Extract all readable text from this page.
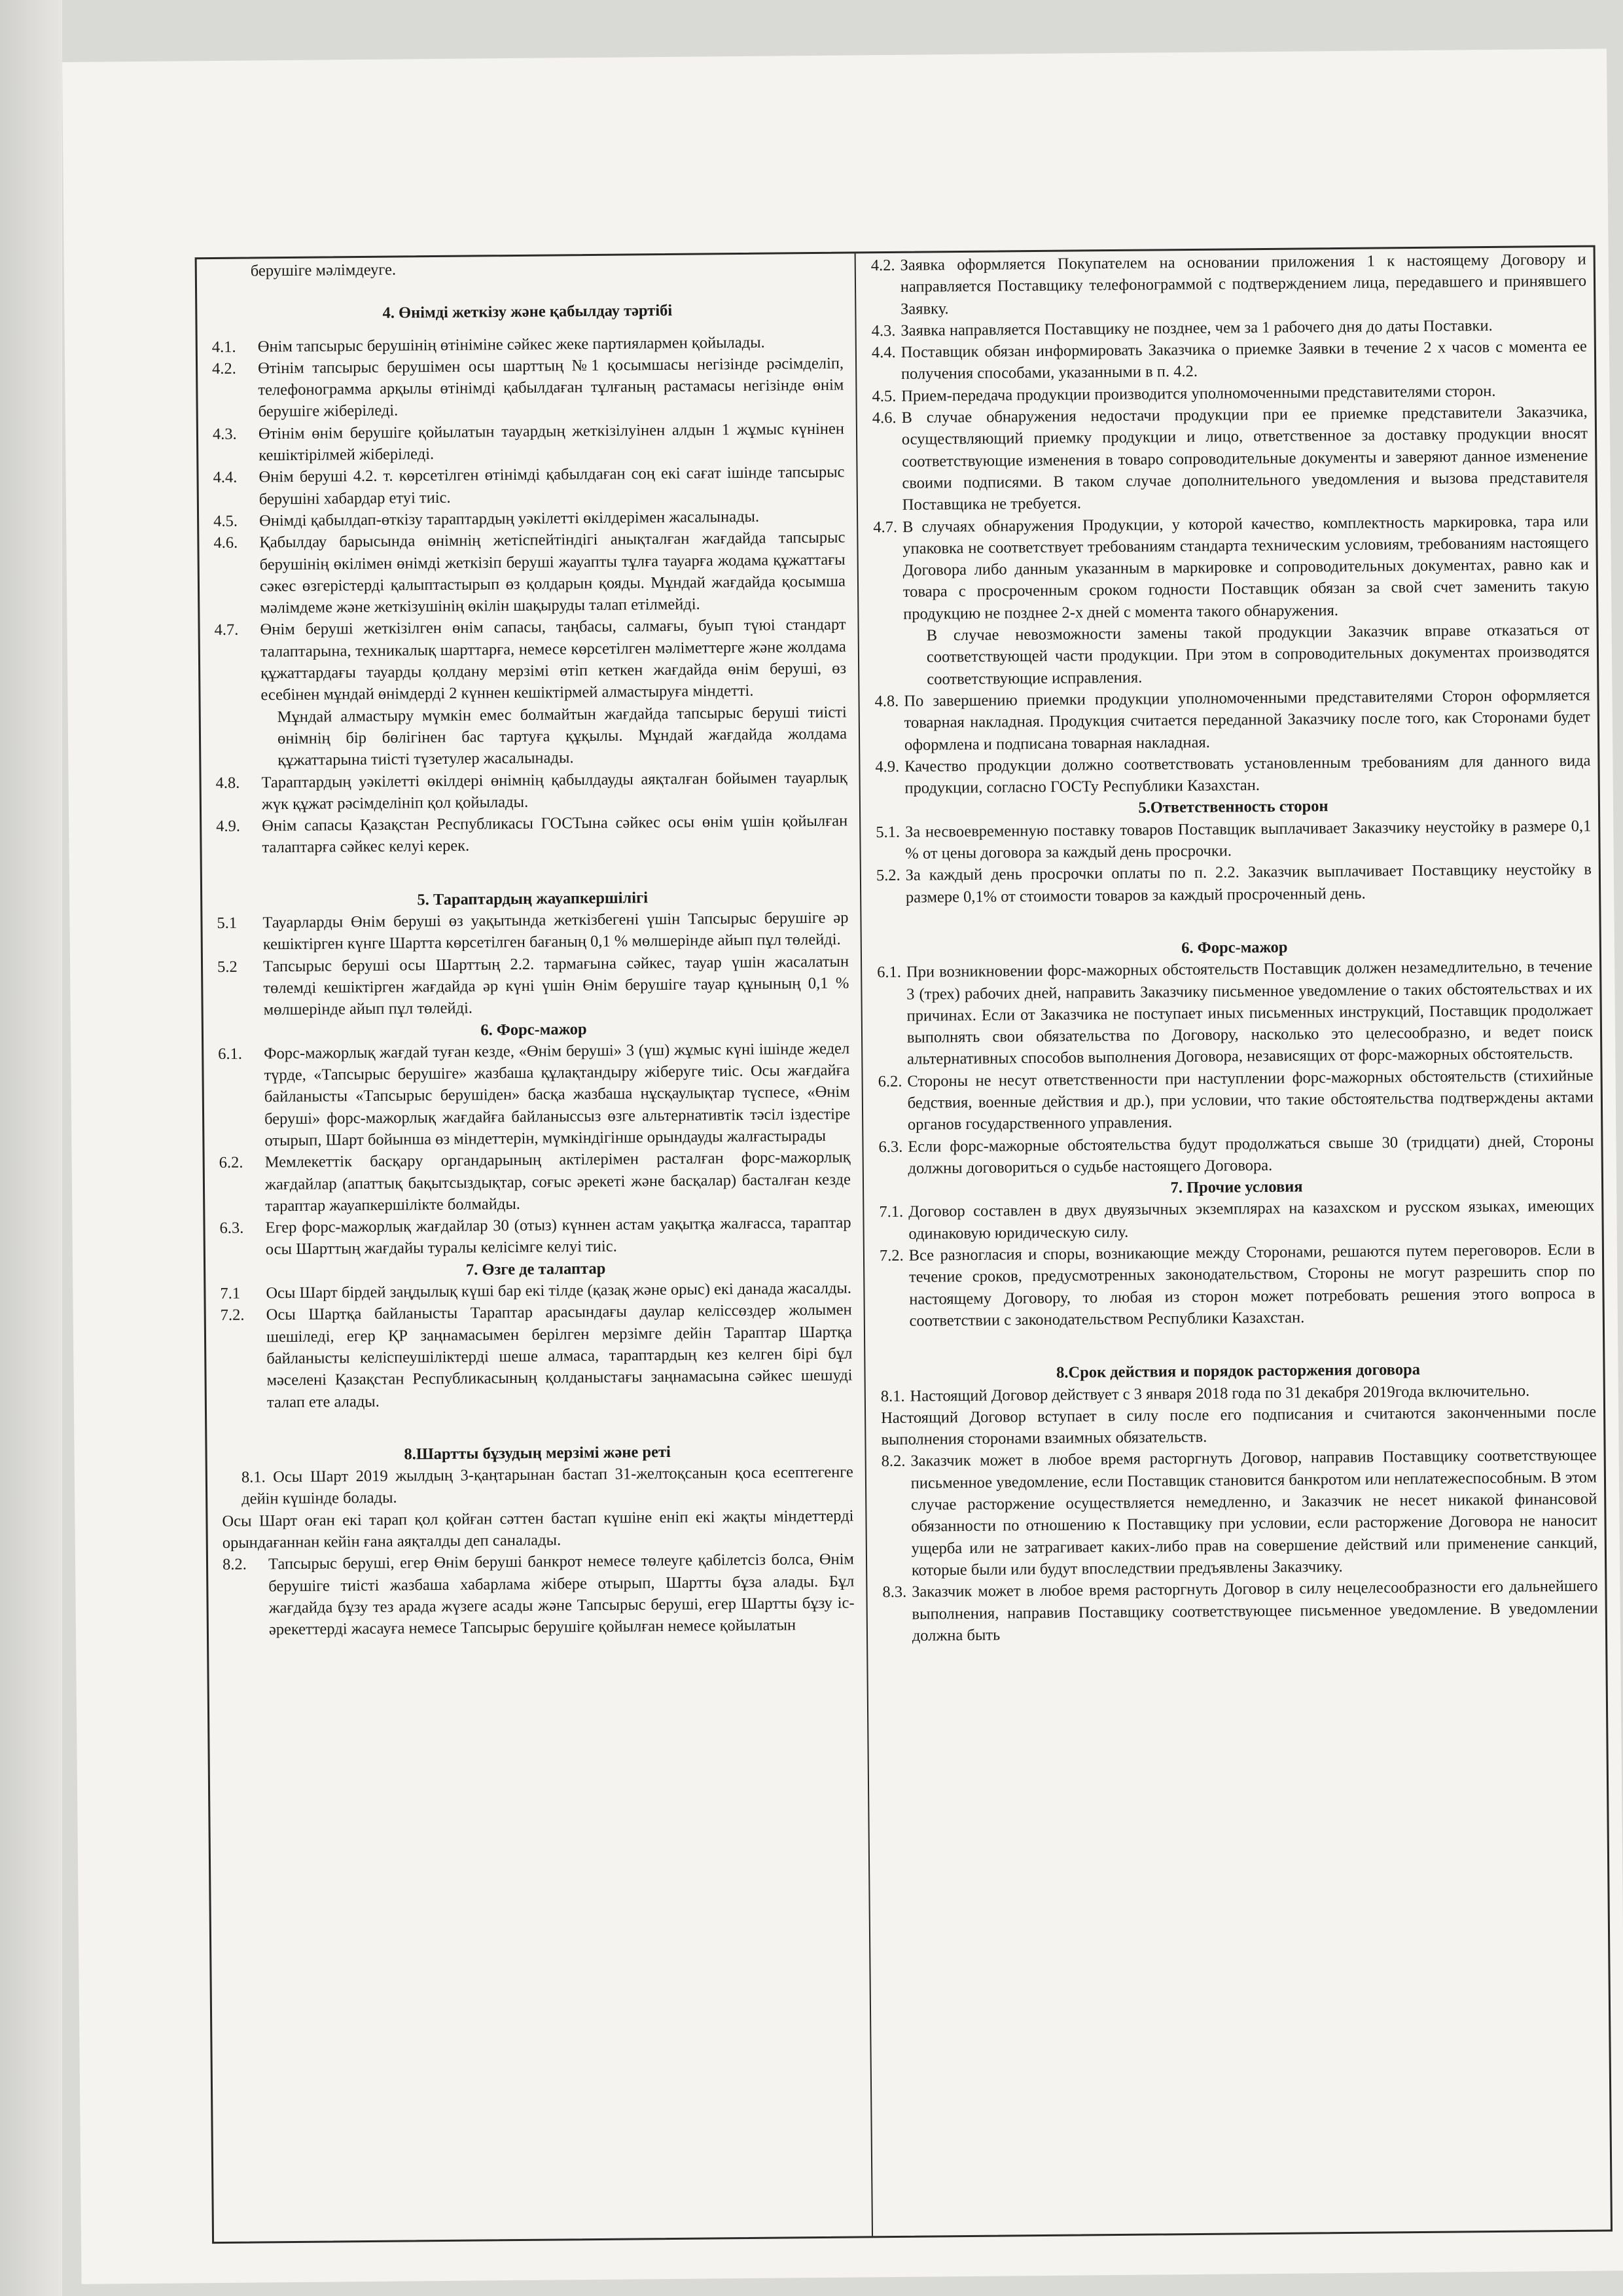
берушіге мәлімдеуге.

4. Өнімді жеткізу және қабылдау тәртібі

4.1.	Өнім тапсырыс берушінің өтініміне сәйкес жеке партиялармен қойылады.
4.2.	Өтінім тапсырыс берушімен осы шарттың №1 қосымшасы негізінде рәсімделіп, телефонограмма арқылы өтінімді қабылдаған тұлғаның растамасы негізінде өнім берушіге жіберіледі.
4.3.	Өтінім өнім берушіге қойылатын тауардың жеткізілуінен алдын 1 жұмыс күнінен кешіктірілмей жіберіледі.
4.4.	Өнім беруші 4.2. т. көрсетілген өтінімді қабылдаған соң екі сағат ішінде тапсырыс берушіні хабардар етуі тиіс.
4.5.	Өнімді қабылдап-өткізу тараптардың уәкілетті өкілдерімен жасалынады.
4.6.	Қабылдау барысында өнімнің жетіспейтіндігі анықталған жағдайда тапсырыс берушінің өкілімен өнімді жеткізіп беруші жауапты тұлға тауарға жодама құжаттағы сәкес өзгерістерді қалыптастырып өз қолдарын қояды. Мұндай жағдайда қосымша мәлімдеме және жеткізушінің өкілін шақыруды талап етілмейді.
4.7.	Өнім беруші жеткізілген өнім сапасы, таңбасы, салмағы, буып түюі стандарт талаптарына, техникалық шарттарға, немесе көрсетілген мәліметтерге және жолдама құжаттардағы тауарды қолдану мерзімі өтіп кеткен жағдайда өнім беруші, өз есебінен мұндай өнімдерді 2 күннен кешіктірмей алмастыруға міндетті.

Мұндай алмастыру мүмкін емес болмайтын жағдайда тапсырыс беруші тиісті өнімнің бір бөлігінен бас тартуға құқылы. Мұндай жағдайда жолдама құжаттарына тиісті түзетулер жасалынады.

4.8.	Тараптардың уәкілетті өкілдері өнімнің қабылдауды аяқталған бойымен тауарлық жүк құжат рәсімделініп қол қойылады.
4.9.	Өнім сапасы Қазақстан Республикасы ГОСТына сәйкес осы өнім үшін қойылған талаптарға сәйкес келуі керек.

5. Тараптардың жауапкершілігі

5.1	Тауарларды Өнім беруші өз уақытында жеткізбегені үшін Тапсырыс берушіге әр кешіктірген күнге Шартта көрсетілген бағаның 0,1 % мөлшерінде айып пұл төлейді.
5.2	Тапсырыс беруші осы Шарттың 2.2. тармағына сәйкес, тауар үшін жасалатын төлемді кешіктірген жағдайда әр күні үшін Өнім берушіге тауар құнының 0,1 % мөлшерінде айып пұл төлейді.

6. Форс-мажор

6.1.	Форс-мажорлық жағдай туған кезде, «Өнім беруші» 3 (үш) жұмыс күні ішінде жедел түрде, «Тапсырыс берушіге» жазбаша құлақтандыру жіберуге тиіс. Осы жағдайға байланысты «Тапсырыс берушіден» басқа жазбаша нұсқаулықтар түспесе, «Өнім беруші» форс-мажорлық жағдайға байланыссыз өзге альтернативтік тәсіл іздестіре отырып, Шарт бойынша өз міндеттерін, мүмкіндігінше орындауды жалғастырады
6.2.	Мемлекеттік басқару органдарының актілерімен расталған форс-мажорлық жағдайлар (апаттық бақытсыздықтар, соғыс әрекеті және басқалар) басталған кезде тараптар жауапкершілікте болмайды.
6.3.	Егер форс-мажорлық жағдайлар 30 (отыз) күннен астам уақытқа жалғасса, тараптар осы Шарттың жағдайы туралы келісімге келуі тиіс.

7. Өзге де талаптар

7.1	Осы Шарт бірдей заңдылық күші бар екі тілде (қазақ және орыс) екі данада жасалды.
7.2.	Осы Шартқа байланысты Тараптар арасындағы даулар келіссөздер жолымен шешіледі, егер ҚР заңнамасымен берілген мерзімге дейін Тараптар Шартқа байланысты келіспеушіліктерді шеше алмаса, тараптардың кез келген бірі бұл мәселені Қазақстан Республикасының қолданыстағы заңнамасына сәйкес шешуді талап ете алады.

8.Шартты бұзудың мерзімі және реті

8.1. Осы Шарт 2019 жылдың 3-қаңтарынан бастап 31-желтоқсанын қоса есептегенге дейін күшінде болады.

Осы Шарт оған екі тарап қол қойған сәттен бастап күшіне еніп екі жақты міндеттерді орындағаннан кейін ғана аяқталды деп саналады.

8.2.	Тапсырыс беруші, егер Өнім беруші банкрот немесе төлеуге қабілетсіз болса, Өнім берушіге тиісті жазбаша хабарлама жібере отырып, Шартты бұза алады. Бұл жағдайда бұзу тез арада жүзеге асады және Тапсырыс беруші, егер Шартты бұзу іс-әрекеттерді жасауға немесе Тапсырыс берушіге қойылған немесе қойылатын
4.2. Заявка оформляется Покупателем на основании приложения 1 к настоящему Договору и направляется Поставщику телефонограммой с подтверждением лица, передавшего и принявшего Заявку.
4.3. Заявка направляется Поставщику не позднее, чем за 1 рабочего дня до даты Поставки.
4.4. Поставщик обязан информировать Заказчика о приемке Заявки в течение 2 х часов с момента ее получения способами, указанными в п. 4.2.
4.5. Прием-передача продукции производится уполномоченными представителями сторон.
4.6. В случае обнаружения недостачи продукции при ее приемке представители Заказчика, осуществляющий приемку продукции и лицо, ответственное за доставку продукции вносят соответствующие изменения в товаро сопроводительные документы и заверяют данное изменение своими подписями. В таком случае дополнительного уведомления и вызова представителя Поставщика не требуется.
4.7. В случаях обнаружения Продукции, у которой качество, комплектность маркировка, тара или упаковка не соответствует требованиям стандарта техническим условиям, требованиям настоящего Договора либо данным указанным в маркировке и сопроводительных документах, равно как и товара с просроченным сроком годности Поставщик обязан за свой счет заменить такую продукцию не позднее 2-х дней с момента такого обнаружения.

В случае невозможности замены такой продукции Заказчик вправе отказаться от соответствующей части продукции. При этом в сопроводительных документах производятся соответствующие исправления.

4.8. По завершению приемки продукции уполномоченными представителями Сторон оформляется товарная накладная. Продукция считается переданной Заказчику после того, как Сторонами будет оформлена и подписана товарная накладная.
4.9. Качество продукции должно соответствовать установленным требованиям для данного вида продукции, согласно ГОСТу Республики Казахстан.

5.Ответственность сторон

5.1. За несвоевременную поставку товаров Поставщик выплачивает Заказчику неустойку в размере 0,1 % от цены договора за каждый день просрочки.
5.2. За каждый день просрочки оплаты по п. 2.2. Заказчик выплачивает Поставщику неустойку в размере 0,1% от стоимости товаров за каждый просроченный день.

6. Форс-мажор

6.1. При возникновении форс-мажорных обстоятельств Поставщик должен незамедлительно, в течение 3 (трех) рабочих дней, направить Заказчику письменное уведомление о таких обстоятельствах и их причинах. Если от Заказчика не поступает иных письменных инструкций, Поставщик продолжает выполнять свои обязательства по Договору, насколько это целесообразно, и ведет поиск альтернативных способов выполнения Договора, независящих от форс-мажорных обстоятельств.
6.2. Стороны не несут ответственности при наступлении форс-мажорных обстоятельств (стихийные бедствия, военные действия и др.), при условии, что такие обстоятельства подтверждены актами органов государственного управления.
6.3. Если форс-мажорные обстоятельства будут продолжаться свыше 30 (тридцати) дней, Стороны должны договориться о судьбе настоящего Договора.

7. Прочие условия

7.1. Договор составлен в двух двуязычных экземплярах на казахском и русском языках, имеющих одинаковую юридическую силу.
7.2. Все разногласия и споры, возникающие между Сторонами, решаются путем переговоров. Если в течение сроков, предусмотренных законодательством, Стороны не могут разрешить спор по настоящему Договору, то любая из сторон может потребовать решения этого вопроса в соответствии с законодательством Республики Казахстан.

8.Срок действия и порядок расторжения договора

8.1. Настоящий Договор действует с 3 января 2018 года по 31 декабря 2019года включительно.

Настоящий Договор вступает в силу после его подписания и считаются законченными после выполнения сторонами взаимных обязательств.

8.2. Заказчик может в любое время расторгнуть Договор, направив Поставщику соответствующее письменное уведомление, если Поставщик становится банкротом или неплатежеспособным. В этом случае расторжение осуществляется немедленно, и Заказчик не несет никакой финансовой обязанности по отношению к Поставщику при условии, если расторжение Договора не наносит ущерба или не затрагивает каких-либо прав на совершение действий или применение санкций, которые были или будут впоследствии предъявлены Заказчику.
8.3. Заказчик может в любое время расторгнуть Договор в силу нецелесообразности его дальнейшего выполнения, направив Поставщику соответствующее письменное уведомление. В уведомлении должна быть
